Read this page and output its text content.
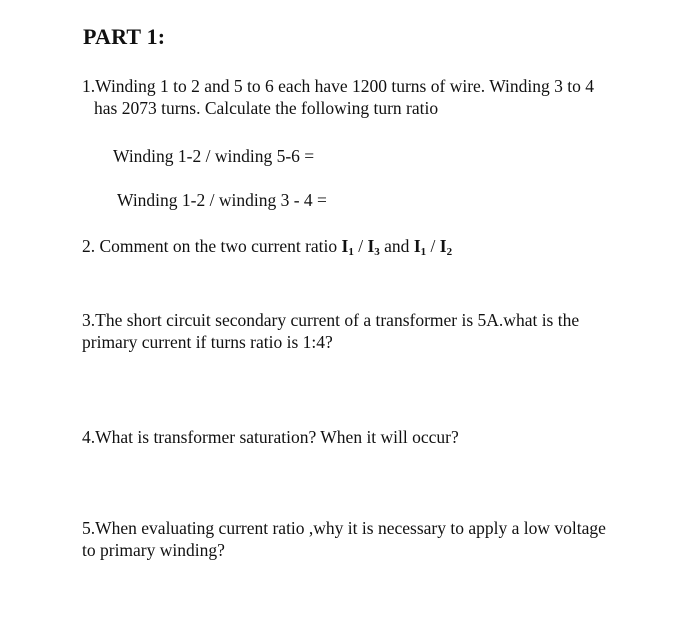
PART 1:
1.Winding 1 to 2 and 5 to 6 each have 1200 turns of wire. Winding 3 to 4
has 2073 turns. Calculate the following turn ratio
Winding 1-2 / winding 5-6 =
Winding 1-2 / winding 3 - 4 =
2. Comment on the two current ratio $I_1 / I_3$ and $I_1 / I_2$
3.The short circuit secondary current of a transformer is 5A.what is the
primary current if turns ratio is 1:4?
4.What is transformer saturation? When it will occur?
5.When evaluating current ratio ,why it is necessary to apply a low voltage
to primary winding?
